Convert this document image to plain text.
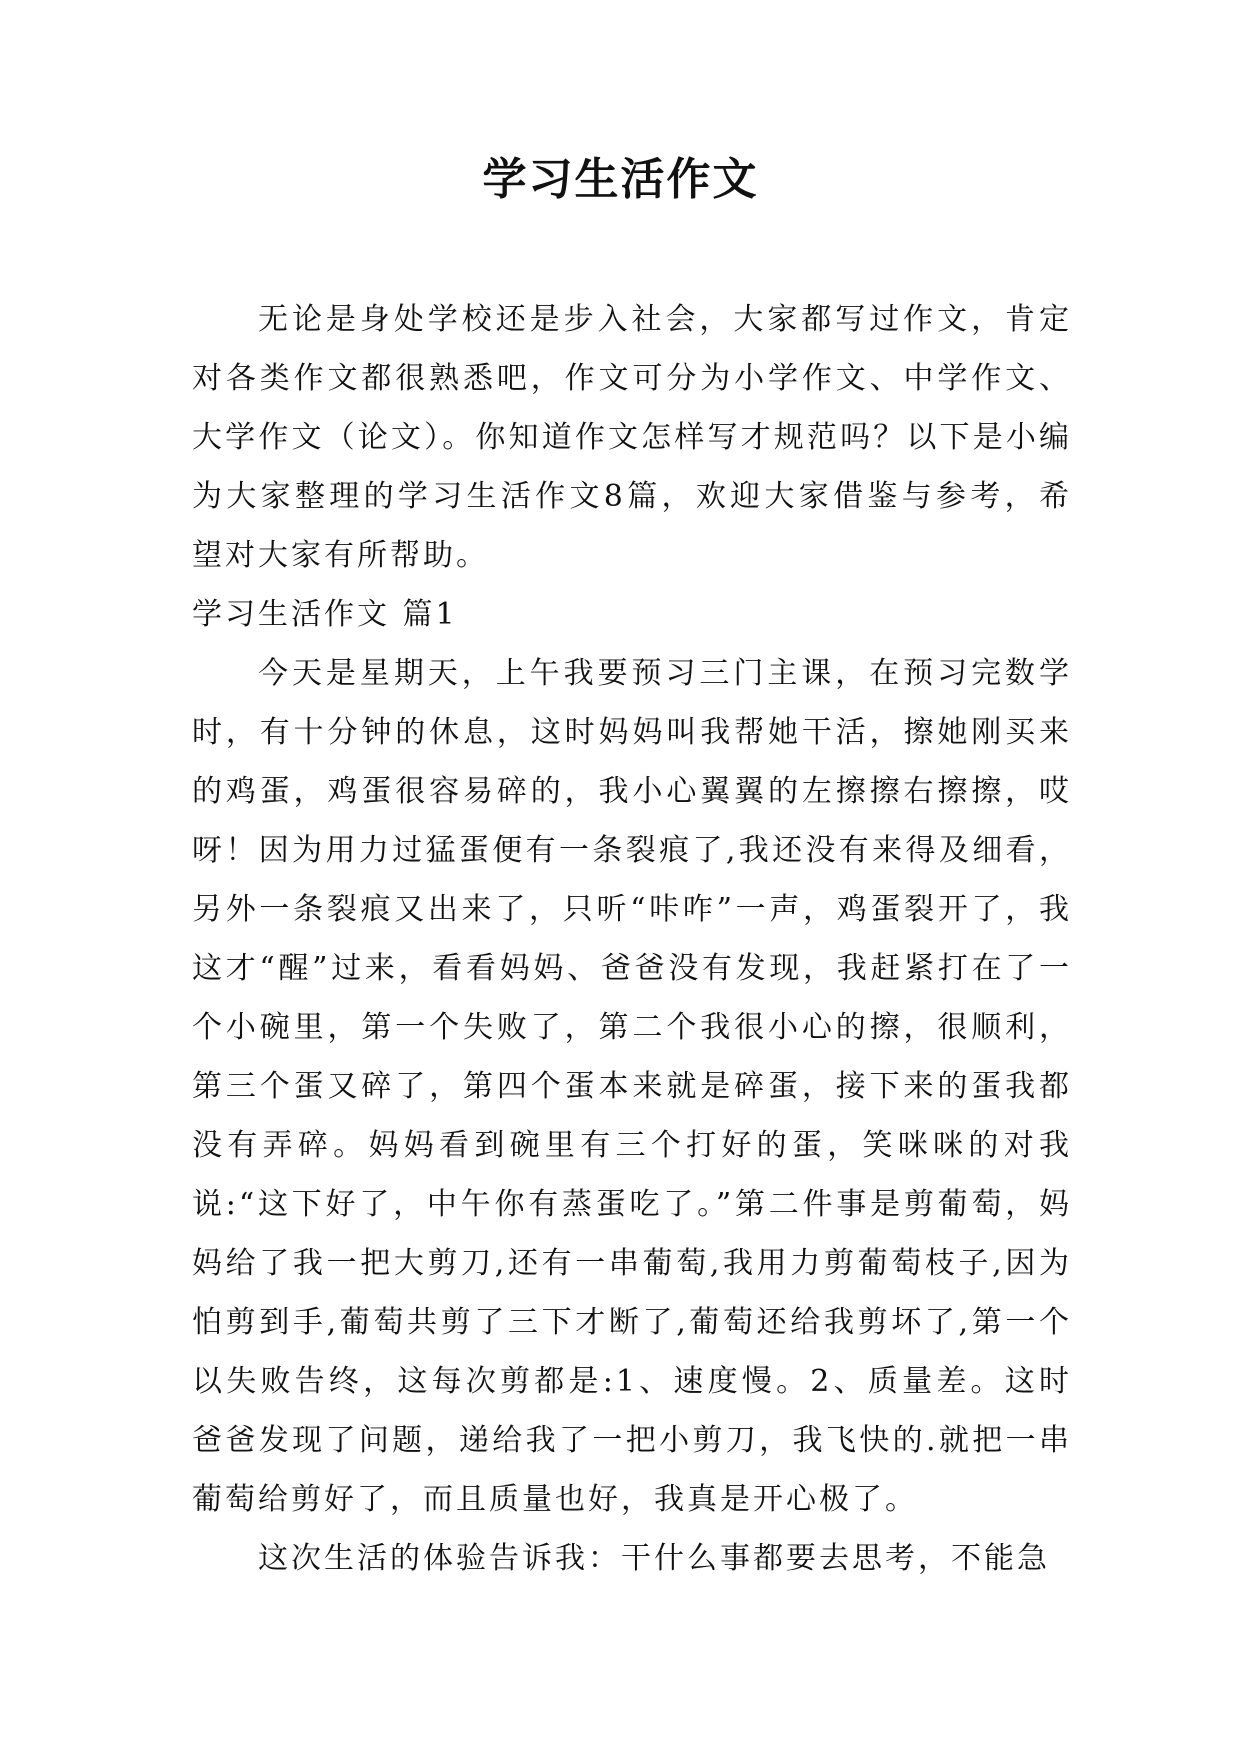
学习生活作文

无论是身处学校还是步入社会，大家都写过作文，肯定对各类作文都很熟悉吧，作文可分为小学作文、中学作文、大学作文（论文）。你知道作文怎样写才规范吗？以下是小编为大家整理的学习生活作文8篇，欢迎大家借鉴与参考，希望对大家有所帮助。

学习生活作文 篇1

今天是星期天，上午我要预习三门主课，在预习完数学时，有十分钟的休息，这时妈妈叫我帮她干活，擦她刚买来的鸡蛋，鸡蛋很容易碎的，我小心翼翼的左擦擦右擦擦，哎呀！因为用力过猛蛋便有一条裂痕了,我还没有来得及细看，另外一条裂痕又出来了，只听“咔咋”一声，鸡蛋裂开了，我这才“醒”过来，看看妈妈、爸爸没有发现，我赶紧打在了一个小碗里，第一个失败了，第二个我很小心的擦，很顺利，第三个蛋又碎了，第四个蛋本来就是碎蛋，接下来的蛋我都没有弄碎。妈妈看到碗里有三个打好的蛋，笑咪咪的对我说:“这下好了，中午你有蒸蛋吃了。”第二件事是剪葡萄，妈妈给了我一把大剪刀,还有一串葡萄,我用力剪葡萄枝子,因为怕剪到手,葡萄共剪了三下才断了,葡萄还给我剪坏了,第一个以失败告终，这每次剪都是:1、速度慢。2、质量差。这时爸爸发现了问题，递给我了一把小剪刀，我飞快的.就把一串葡萄给剪好了，而且质量也好，我真是开心极了。

这次生活的体验告诉我：干什么事都要去思考，不能急
